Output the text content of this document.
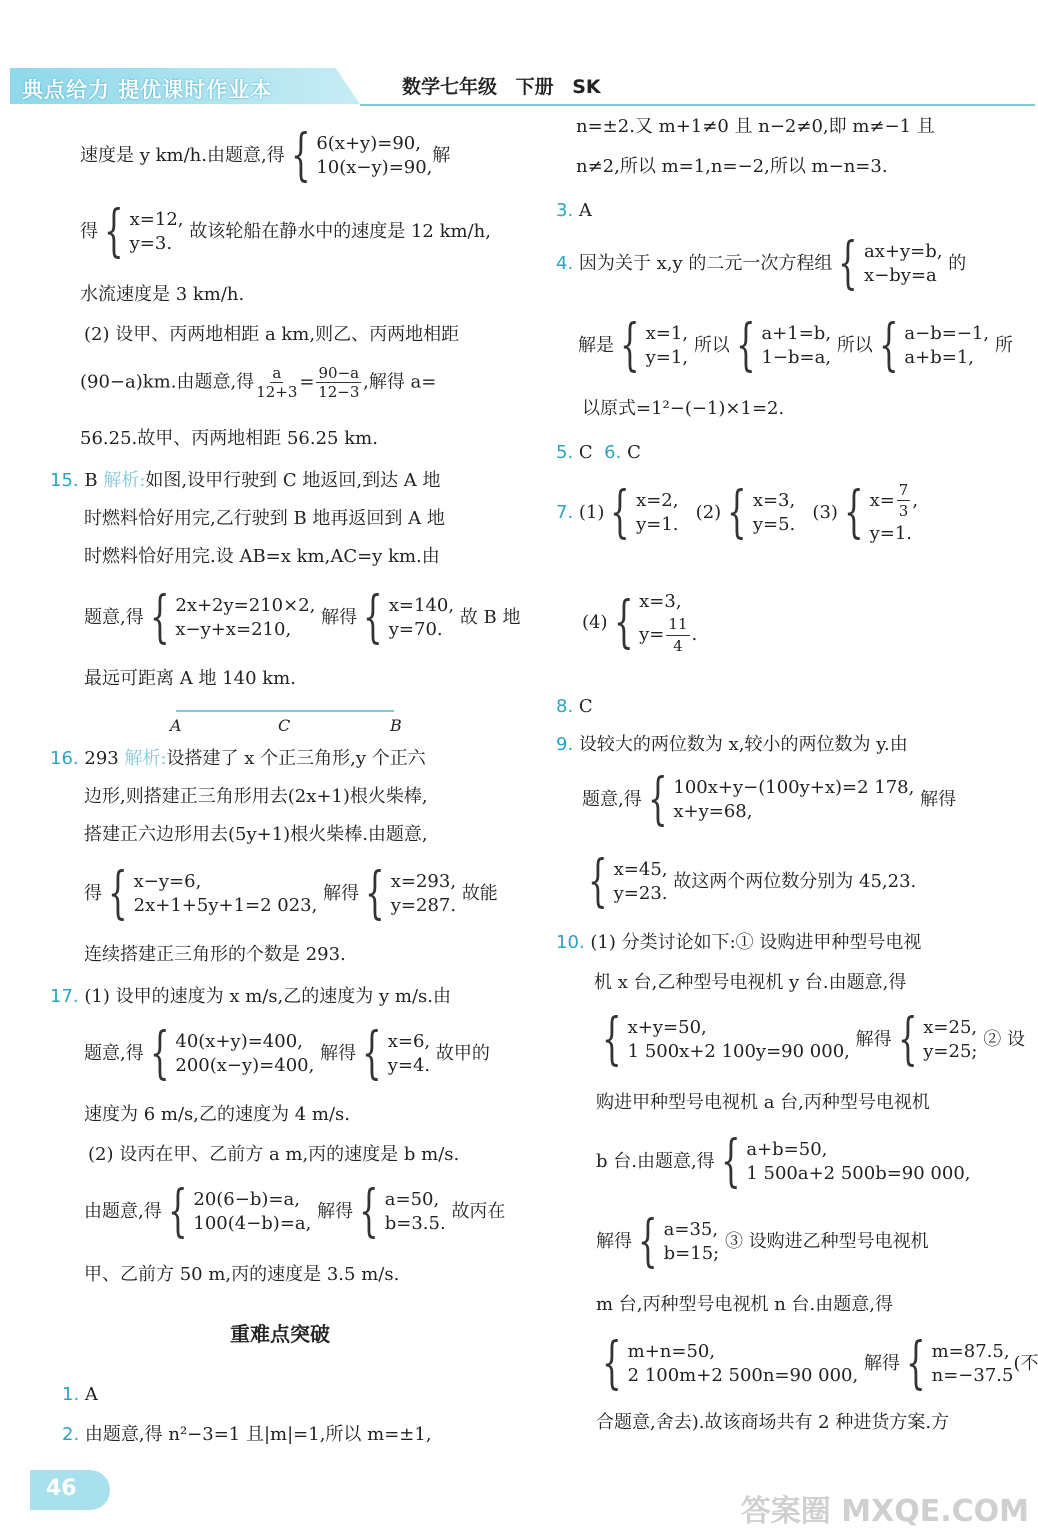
典点给力 提优课时作业本	数学七年级 下册 SK
速度是 y km/h.由题意,得 { 6(x+y)=90,
10(x−y)=90,解
得 { x=12,
y=3. 故该轮船在静水中的速度是 12 km/h,
水流速度是 3 km/h.
(2) 设甲、丙两地相距 a km,则乙、丙两地相距
(90−a)km.由题意,得 $\frac{a}{12+3} = \frac{90-a}{12-3}$ ,解得 a=
56.25.故甲、丙两地相距 56.25 km.
15. B 解析:如图,设甲行驶到 C 地返回,到达 A 地
时燃料恰好用完,乙行驶到 B 地再返回到 A 地
时燃料恰好用完.设 AB=x km,AC=y km.由
题意,得 { 2x+2y=210×2,
x−y+x=210, 解得 { x=140,
y=70. 故 B 地
最远可距离 A 地 140 km.
A	C	B
16. 293 解析:设搭建了 x 个正三角形,y 个正六
边形,则搭建正三角形用去(2x+1)根火柴棒,
搭建正六边形用去(5y+1)根火柴棒.由题意,
得 { x−y=6,
2x+1+5y+1=2 023, 解得 { x=293,
y=287. 故能
连续搭建正三角形的个数是 293.
17. (1) 设甲的速度为 x m/s,乙的速度为 y m/s.由
题意,得 { 40(x+y)=400,
200(x−y)=400, 解得 { x=6,
y=4. 故甲的
速度为 6 m/s,乙的速度为 4 m/s.
(2) 设丙在甲、乙前方 a m,丙的速度是 b m/s.
由题意,得 { 20(6−b)=a,
100(4−b)=a, 解得 { a=50,
b=3.5. 故丙在
甲、乙前方 50 m,丙的速度是 3.5 m/s.
重难点突破
1. A
2. 由题意,得 n²−3=1 且|m|=1,所以 m=±1,
n=±2.又 m+1≠0 且 n−2≠0,即 m≠−1 且
n≠2,所以 m=1,n=−2,所以 m−n=3.
3. A
4. 因为关于 x,y 的二元一次方程组 { ax+y=b,
x−by=a 的
解是 { x=1,
y=1, 所以 { a+1=b,
1−b=a, 所以 { a−b=−1,
a+b=1, 所
以原式=1²−(−1)×1=2.
5. C 6. C
7. (1) { x=2,
y=1.   (2) { x=3,
y=5.   (3) { $x= \frac{7}{3}$ ,
y=1.
(4) { x=3,
$y= \frac{11}{4}$ .
8. C
9. 设较大的两位数为 x,较小的两位数为 y.由
题意,得 { 100x+y−(100y+x)=2 178,
x+y=68, 解得
{ x=45,
y=23. 故这两个两位数分别为 45,23.
10. (1) 分类讨论如下:① 设购进甲种型号电视
机 x 台,乙种型号电视机 y 台.由题意,得
{ x+y=50,
1 500x+2 100y=90 000, 解得 { x=25,
y=25; ② 设
购进甲种型号电视机 a 台,丙种型号电视机
b 台.由题意,得 { a+b=50,
1 500a+2 500b=90 000,
解得 { a=35,
b=15; ③ 设购进乙种型号电视机
m 台,丙种型号电视机 n 台.由题意,得
{ m+n=50,
2 100m+2 500n=90 000, 解得 { m=87.5,
n=−37.5(不
合题意,舍去).故该商场共有 2 种进货方案.方
46
答案圈 MXQE.COM
